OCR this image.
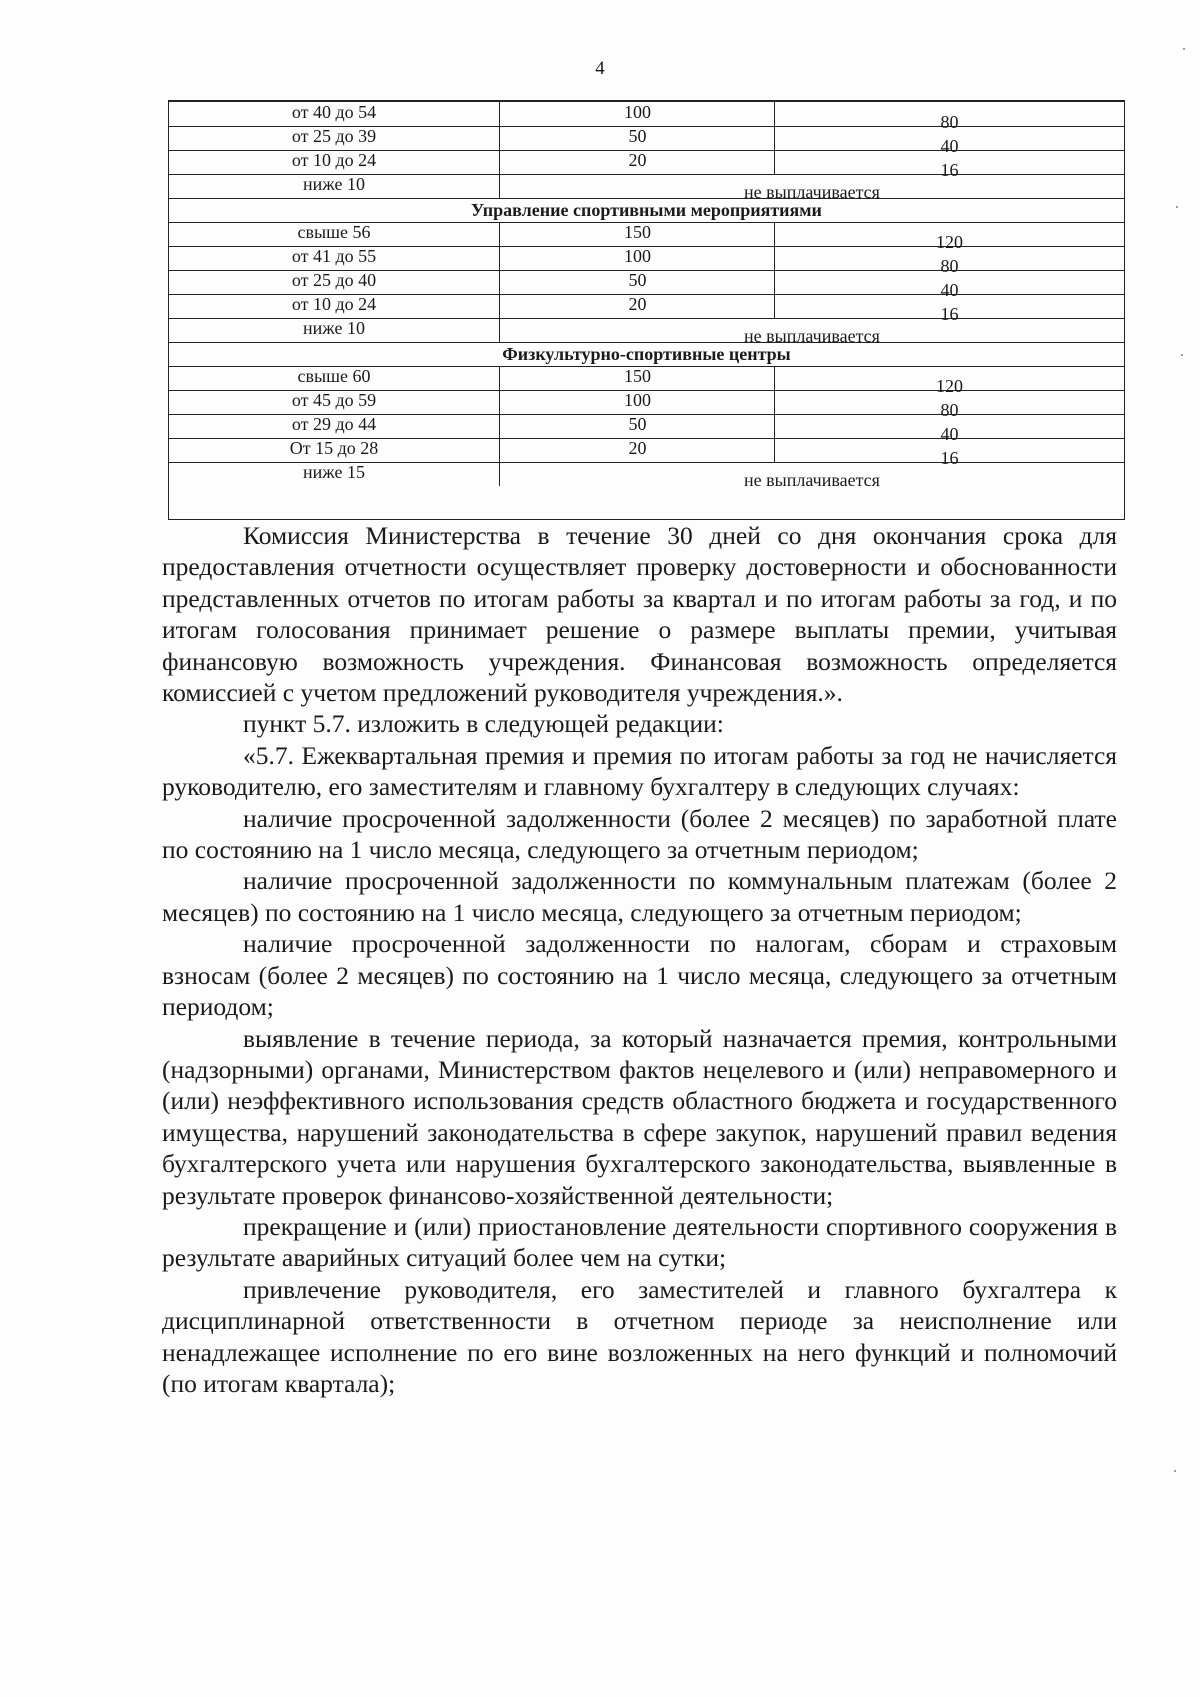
4
от 40 до 54	100	80
от 25 до 39	50	40
от 10 до 24	20	16
ниже 10	не выплачивается
Управление спортивными мероприятиями
свыше 56	150	120
от 41 до 55	100	80
от 25 до 40	50	40
от 10 до 24	20	16
ниже 10	не выплачивается
Физкультурно-спортивные центры
свыше 60	150	120
от 45 до 59	100	80
от 29 до 44	50	40
От 15 до 28	20	16
ниже 15	не выплачивается

Комиссия Министерства в течение 30 дней со дня окончания срока для предоставления отчетности осуществляет проверку достоверности и обоснованности представленных отчетов по итогам работы за квартал и по итогам работы за год, и по итогам голосования принимает решение о размере выплаты премии, учитывая финансовую возможность учреждения. Финансовая возможность определяется комиссией с учетом предложений руководителя учреждения.».

пункт 5.7. изложить в следующей редакции:

«5.7. Ежеквартальная премия и премия по итогам работы за год не начисляется руководителю, его заместителям и главному бухгалтеру в следующих случаях:

наличие просроченной задолженности (более 2 месяцев) по заработной плате по состоянию на 1 число месяца, следующего за отчетным периодом;

наличие просроченной задолженности по коммунальным платежам (более 2 месяцев) по состоянию на 1 число месяца, следующего за отчетным периодом;

наличие просроченной задолженности по налогам, сборам и страховым взносам (более 2 месяцев) по состоянию на 1 число месяца, следующего за отчетным периодом;

выявление в течение периода, за который назначается премия, контрольными (надзорными) органами, Министерством фактов нецелевого и (или) неправомерного и (или) неэффективного использования средств областного бюджета и государственного имущества, нарушений законодательства в сфере закупок, нарушений правил ведения бухгалтерского учета или нарушения бухгалтерского законодательства, выявленные в результате проверок финансово-хозяйственной деятельности;

прекращение и (или) приостановление деятельности спортивного сооружения в результате аварийных ситуаций более чем на сутки;

привлечение руководителя, его заместителей и главного бухгалтера к дисциплинарной ответственности в отчетном периоде за неисполнение или ненадлежащее исполнение по его вине возложенных на него функций и полномочий (по итогам квартала);
